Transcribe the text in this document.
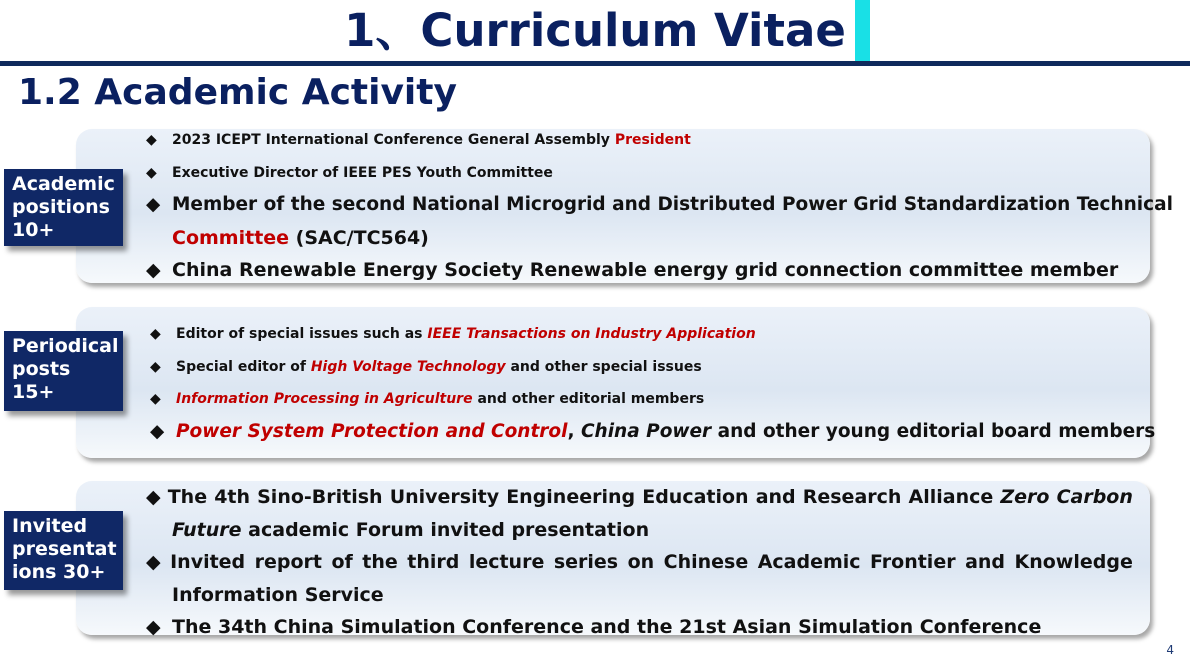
1、Curriculum Vitae
1.2 Academic Activity
Academic
positions
10+
Periodical
posts 15+
Invited
presentat
ions 30+
◆ 2023 ICEPT International Conference General Assembly President
◆ Executive Director of IEEE PES Youth Committee
◆ Member of the second National Microgrid and Distributed Power Grid Standardization Technical
Committee (SAC/TC564)
◆ China Renewable Energy Society Renewable energy grid connection committee member
◆ Editor of special issues such as IEEE Transactions on Industry Application
◆ Special editor of High Voltage Technology and other special issues
◆ Information Processing in Agriculture and other editorial members
◆ Power System Protection and Control, China Power and other young editorial board members
◆ The 4th Sino-British University Engineering Education and Research Alliance Zero Carbon
Future academic Forum invited presentation
◆ Invited report of the third lecture series on Chinese Academic Frontier and Knowledge
Information Service
◆ The 34th China Simulation Conference and the 21st Asian Simulation Conference
4
